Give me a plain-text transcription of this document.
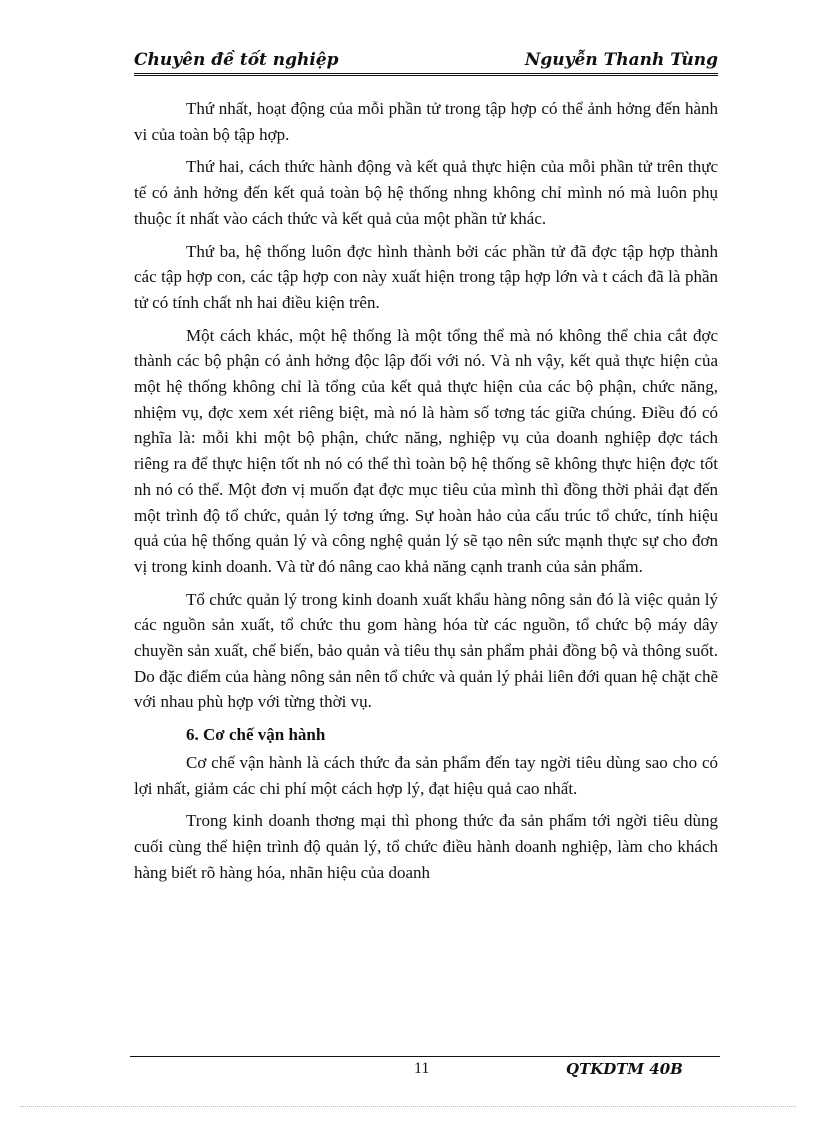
Chuyên đề tốt nghiệp	Nguyễn Thanh Tùng

Thứ nhất, hoạt động của mỗi phần tử trong tập hợp có thể ảnh hởng đến hành vi của toàn bộ tập hợp.

Thứ hai, cách thức hành động và kết quả thực hiện của mỗi phần tử trên thực tế có ảnh hởng đến kết quả toàn bộ hệ thống nhng không chỉ mình nó mà luôn phụ thuộc ít nhất vào cách thức và kết quả của một phần tử khác.

Thứ ba, hệ thống luôn đợc hình thành bởi các phần tử đã đợc tập hợp thành các tập hợp con, các tập hợp con này xuất hiện trong tập hợp lớn và t cách đã là phần tử có tính chất nh hai điều kiện trên.

Một cách khác, một hệ thống là một tổng thể mà nó không thể chia cắt đợc thành các bộ phận có ảnh hởng độc lập đối với nó. Và nh vậy, kết quả thực hiện của một hệ thống không chỉ là tổng của kết quả thực hiện của các bộ phận, chức năng, nhiệm vụ, đợc xem xét riêng biệt, mà nó là hàm số tơng tác giữa chúng. Điều đó có nghĩa là: mỗi khi một bộ phận, chức năng, nghiệp vụ của doanh nghiệp đợc tách riêng ra để thực hiện tốt nh nó có thể thì toàn bộ hệ thống sẽ không thực hiện đợc tốt nh nó có thể. Một đơn vị muốn đạt đợc mục tiêu của mình thì đồng thời phải đạt đến một trình độ tổ chức, quản lý tơng ứng. Sự hoàn hảo của cấu trúc tổ chức, tính hiệu quả của hệ thống quản lý và công nghệ quản lý sẽ tạo nên sức mạnh thực sự cho đơn vị trong kinh doanh. Và từ đó nâng cao khả năng cạnh tranh của sản phẩm.

Tổ chức quản lý trong kinh doanh xuất khẩu hàng nông sản đó là việc quản lý các nguồn sản xuất, tổ chức thu gom hàng hóa từ các nguồn, tổ chức bộ máy dây chuyền sản xuất, chế biến, bảo quản và tiêu thụ sản phẩm phải đồng bộ và thông suốt. Do đặc điểm của hàng nông sản nên tổ chức và quản lý phải liên đới quan hệ chặt chẽ với nhau phù hợp với từng thời vụ.

6. Cơ chế vận hành

Cơ chế vận hành là cách thức đa sản phẩm đến tay ngời tiêu dùng sao cho có lợi nhất, giảm các chi phí một cách hợp lý, đạt hiệu quả cao nhất.

Trong kinh doanh thơng mại thì phong thức đa sản phẩm tới ngời tiêu dùng cuối cùng thể hiện trình độ quản lý, tổ chức điều hành doanh nghiệp, làm cho khách hàng biết rõ hàng hóa, nhãn hiệu của doanh

11	QTKDTM 40B
